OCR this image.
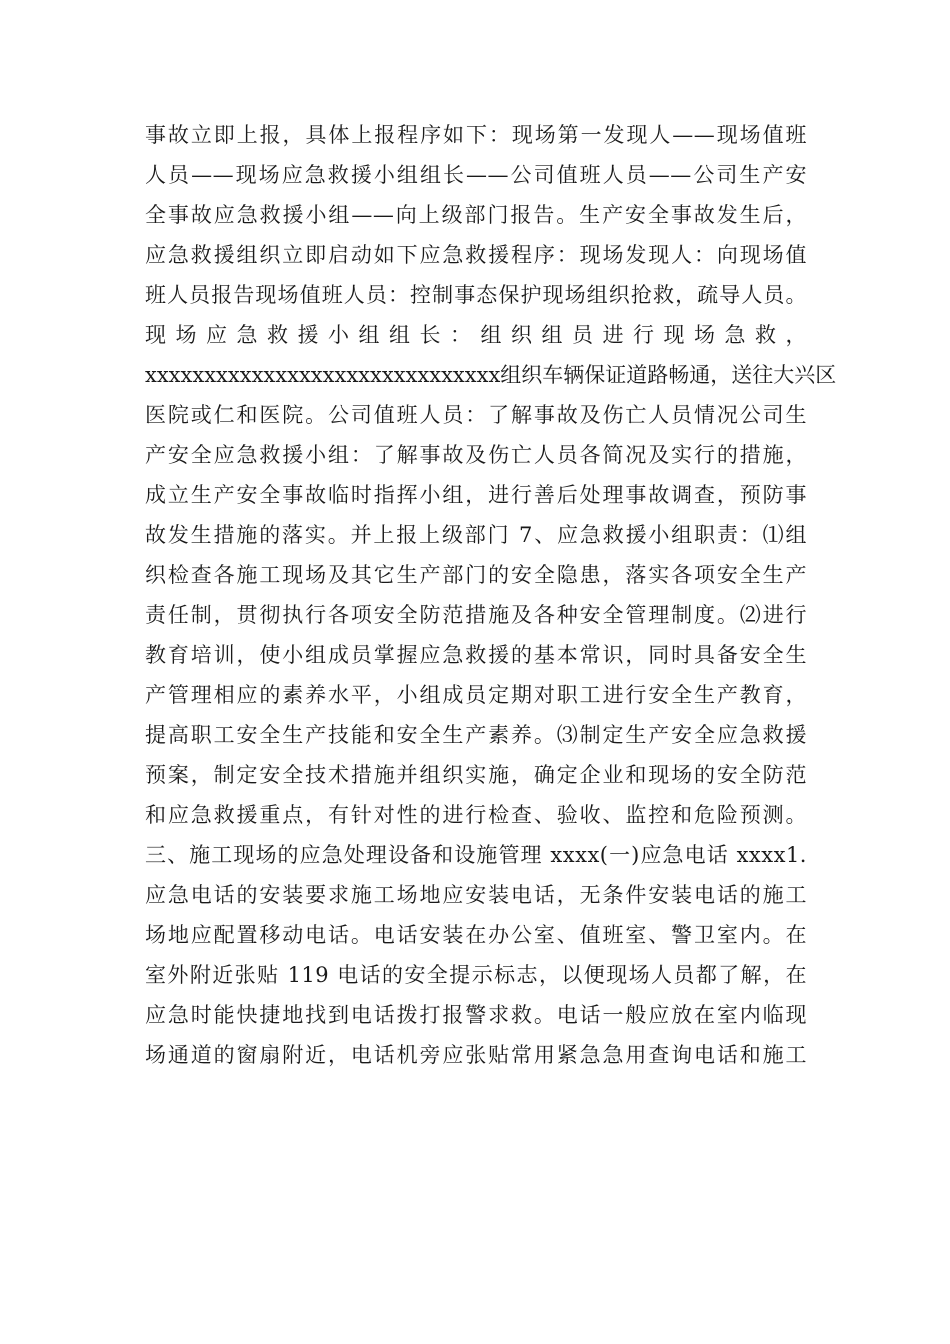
事故立即上报，具体上报程序如下：现场第一发现人——现场值班
人员——现场应急救援小组组长——公司值班人员——公司生产安
全事故应急救援小组——向上级部门报告。生产安全事故发生后，
应急救援组织立即启动如下应急救援程序：现场发现人：向现场值
班人员报告现场值班人员：控制事态保护现场组织抢救，疏导人员。
现场应急救援小组组长：组织组员进行现场急救，
xxxxxxxxxxxxxxxxxxxxxxxxxxxxxx组织车辆保证道路畅通，送往大兴区
医院或仁和医院。公司值班人员：了解事故及伤亡人员情况公司生
产安全应急救援小组：了解事故及伤亡人员各简况及实行的措施，
成立生产安全事故临时指挥小组，进行善后处理事故调查，预防事
故发生措施的落实。并上报上级部门 7、应急救援小组职责：⑴组
织检查各施工现场及其它生产部门的安全隐患，落实各项安全生产
责任制，贯彻执行各项安全防范措施及各种安全管理制度。⑵进行
教育培训，使小组成员掌握应急救援的基本常识，同时具备安全生
产管理相应的素养水平，小组成员定期对职工进行安全生产教育，
提高职工安全生产技能和安全生产素养。⑶制定生产安全应急救援
预案，制定安全技术措施并组织实施，确定企业和现场的安全防范
和应急救援重点，有针对性的进行检查、验收、监控和危险预测。
三、施工现场的应急处理设备和设施管理 xxxx(一)应急电话 xxxx1.
应急电话的安装要求施工场地应安装电话，无条件安装电话的施工
场地应配置移动电话。电话安装在办公室、值班室、警卫室内。在
室外附近张贴 119 电话的安全提示标志，以便现场人员都了解，在
应急时能快捷地找到电话拨打报警求救。电话一般应放在室内临现
场通道的窗扇附近，电话机旁应张贴常用紧急急用查询电话和施工
